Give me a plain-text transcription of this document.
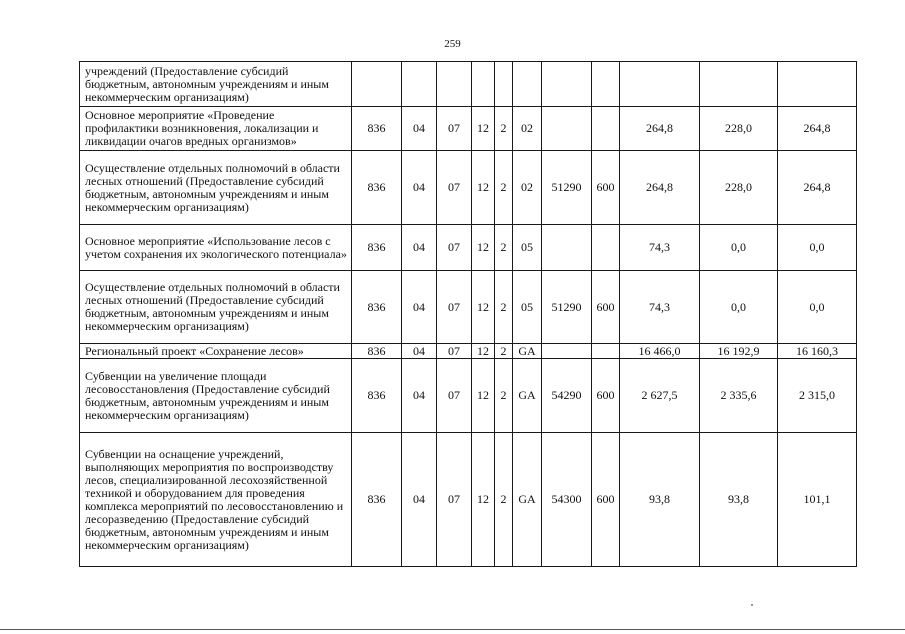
259
учреждений (Предоставление субсидий бюджетным, автономным учреждениям и иным некоммерческим организациям)											
Основное мероприятие «Проведение профилактики возникновения, локализации и ликвидации очагов вредных организмов»	836	04	07	12	2	02			264,8	228,0	264,8
Осуществление отдельных полномочий в области лесных отношений (Предоставление субсидий бюджетным, автономным учреждениям и иным некоммерческим организациям)	836	04	07	12	2	02	51290	600	264,8	228,0	264,8
Основное мероприятие «Использование лесов с учетом сохранения их экологического потенциала»	836	04	07	12	2	05			74,3	0,0	0,0
Осуществление отдельных полномочий в области лесных отношений (Предоставление субсидий бюджетным, автономным учреждениям и иным некоммерческим организациям)	836	04	07	12	2	05	51290	600	74,3	0,0	0,0
Региональный проект «Сохранение лесов»	836	04	07	12	2	GA			16 466,0	16 192,9	16 160,3
Субвенции на увеличение площади лесовосстановления (Предоставление субсидий бюджетным, автономным учреждениям и иным некоммерческим организациям)	836	04	07	12	2	GA	54290	600	2 627,5	2 335,6	2 315,0
Субвенции на оснащение учреждений, выполняющих мероприятия по воспроизводству лесов, специализированной лесохозяйственной техникой и оборудованием для проведения комплекса мероприятий по лесовосстановлению и лесоразведению (Предоставление субсидий бюджетным, автономным учреждениям и иным некоммерческим организациям)	836	04	07	12	2	GA	54300	600	93,8	93,8	101,1
